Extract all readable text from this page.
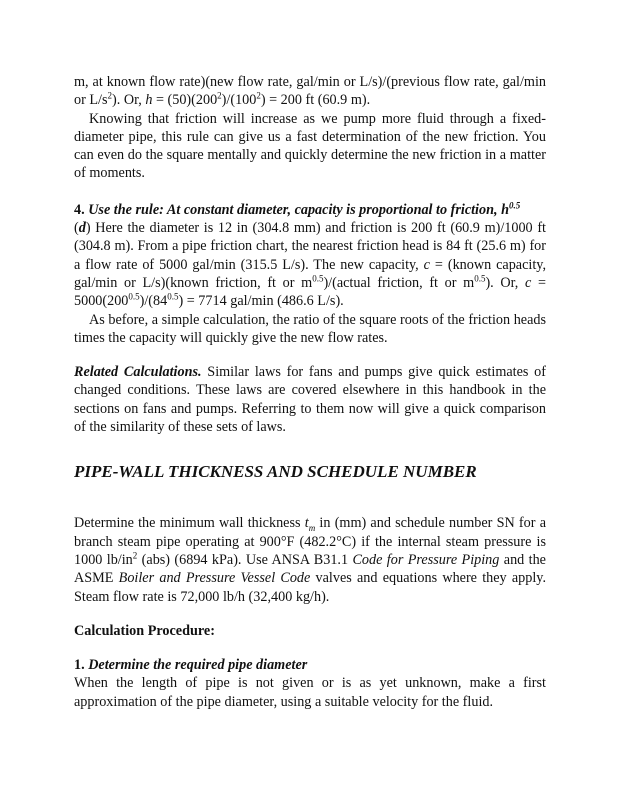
m, at known flow rate)(new flow rate, gal/min or L/s)/(previous flow rate, gal/min or $L/s^2$). Or, $h = (50)(200^2)/(100^2) = 200$ ft (60.9 m).

Knowing that friction will increase as we pump more fluid through a fixed-diameter pipe, this rule can give us a fast determination of the new friction. You can even do the square mentally and quickly determine the new friction in a matter of moments.

4. Use the rule: At constant diameter, capacity is proportional to friction, $h^{0.5}$

(d) Here the diameter is 12 in (304.8 mm) and friction is 200 ft (60.9 m)/1000 ft (304.8 m). From a pipe friction chart, the nearest friction head is 84 ft (25.6 m) for a flow rate of 5000 gal/min (315.5 L/s). The new capacity, c = (known capacity, gal/min or L/s)(known friction, ft or $m^{0.5})/(actual$ friction, ft or $m^{0.5}$). Or, $c = 5000(200^{0.5})/(84^{0.5}) = 7714$ gal/min (486.6 L/s).

As before, a simple calculation, the ratio of the square roots of the friction heads times the capacity will quickly give the new flow rates.

Related Calculations. Similar laws for fans and pumps give quick estimates of changed conditions. These laws are covered elsewhere in this handbook in the sections on fans and pumps. Referring to them now will give a quick comparison of the similarity of these sets of laws.

PIPE-WALL THICKNESS AND SCHEDULE NUMBER

Determine the minimum wall thickness $t_m$ in (mm) and schedule number SN for a branch steam pipe operating at 900°F (482.2°C) if the internal steam pressure is 1000 $lb/in^2$ (abs) (6894 kPa). Use ANSA B31.1 Code for Pressure Piping and the ASME Boiler and Pressure Vessel Code valves and equations where they apply. Steam flow rate is 72,000 lb/h (32,400 kg/h).

Calculation Procedure:
1. Determine the required pipe diameter

When the length of pipe is not given or is as yet unknown, make a first approximation of the pipe diameter, using a suitable velocity for the fluid.
